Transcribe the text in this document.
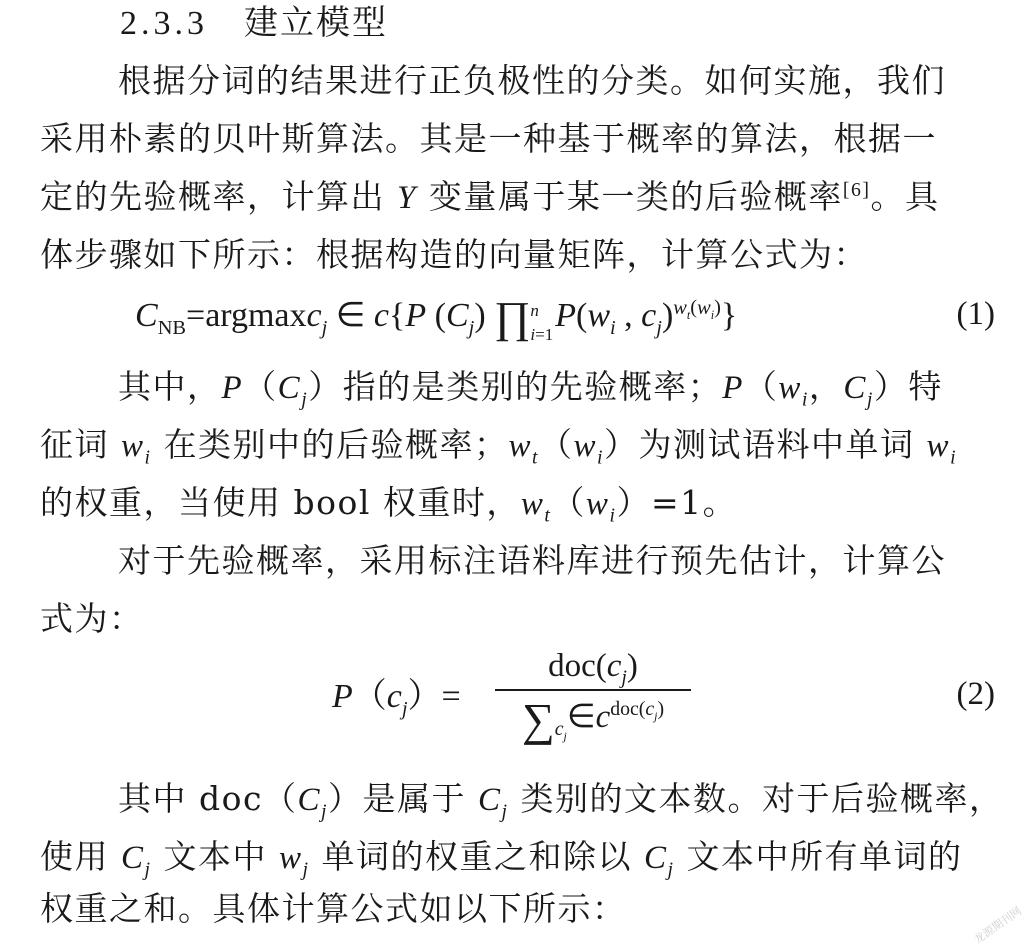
2.3.3 建立模型
根据分词的结果进行正负极性的分类。如何实施，我们
采用朴素的贝叶斯算法。其是一种基于概率的算法，根据一
定的先验概率，计算出 Y 变量属于某一类的后验概率[6]。具
体步骤如下所示：根据构造的向量矩阵，计算公式为：
$C_{NB}=argmaxc_j$ ∈ c{P $(C_j)$ ∏n
$i=1P(w_i$ , $c_j)^{w_t(w_i)}$}	(1)
其中，$P(C_j)$指的是类别的先验概率；$P(w_i$，$C_j$）特
征词 $w_i$ 在类别中的后验概率；$w_t(w_i)$为测试语料中单词 $w_i$
的权重，当使用 bool 权重时，$w_t(w_i)=1$。
对于先验概率，采用标注语料库进行预先估计，计算公
式为：
$P(c_j)=$
$doc(c_j)$
$\sum_{c_j}\in c^{doc(c_j)}$	(2)
其中 $doc(C_j)$是属于 $C_j$ 类别的文本数。对于后验概率，
使用 $C_j$ 文本中 $w_j$ 单词的权重之和除以 $C_j$ 文本中所有单词的
权重之和。具体计算公式如以下所示：	龙源期刊网
